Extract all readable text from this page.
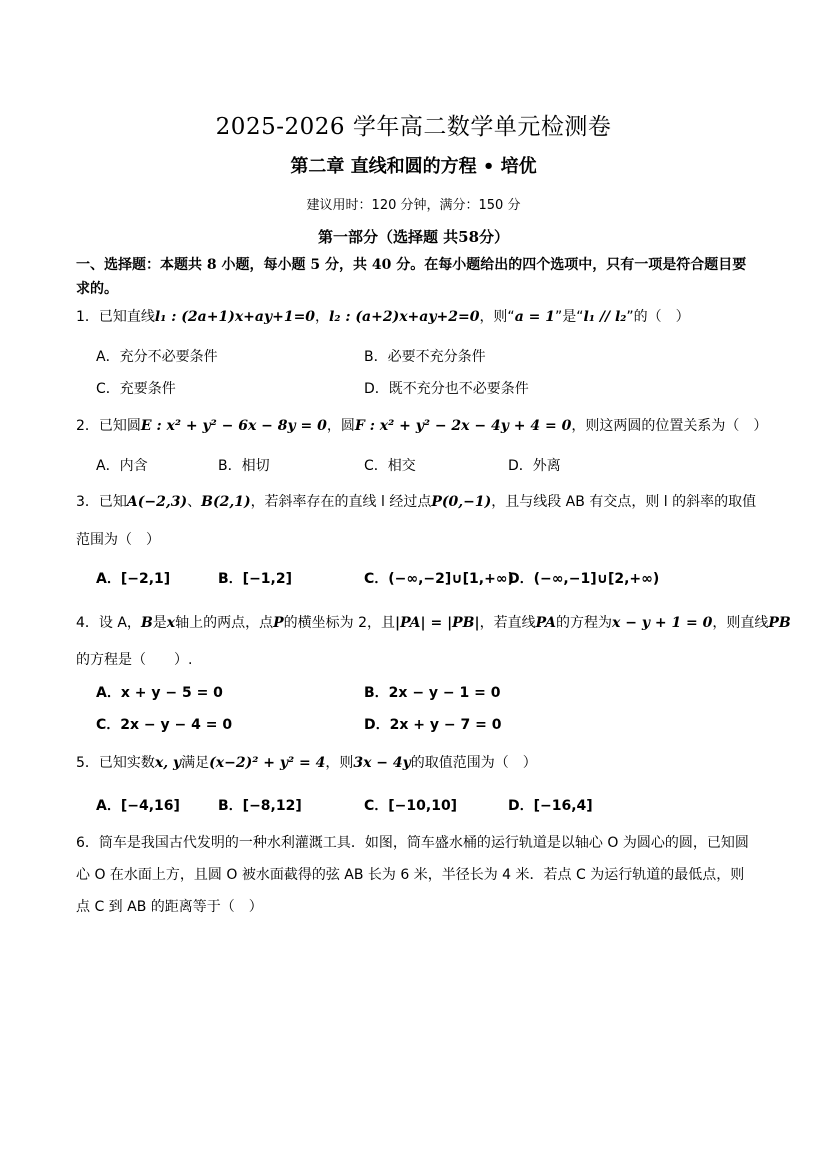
2025-2026 学年高二数学单元检测卷
第二章 直线和圆的方程 • 培优
建议用时：120 分钟，满分：150 分
第一部分（选择题 共58分）
一、选择题：本题共 8 小题，每小题 5 分，共 40 分。在每小题给出的四个选项中，只有一项是符合题目要求的。
1．已知直线l₁ : (2a+1)x+ay+1=0，l₂ : (a+2)x+ay+2=0，则“a = 1”是“l₁ // l₂”的（　）
A．充分不必要条件	B．必要不充分条件
C．充要条件	D．既不充分也不必要条件
2．已知圆E : x² + y² − 6x − 8y = 0，圆F : x² + y² − 2x − 4y + 4 = 0，则这两圆的位置关系为（　）
A．内含	B．相切	C．相交	D．外离
3．已知A(−2,3)、B(2,1)，若斜率存在的直线 l 经过点P(0,−1)，且与线段 AB 有交点，则 l 的斜率的取值
范围为（　）
A．[−2,1]	B．[−1,2]	C．(−∞,−2]∪[1,+∞)
D．(−∞,−1]∪[2,+∞)
4．设 A，B是x轴上的两点，点P的横坐标为 2，且|PA| = |PB|，若直线PA的方程为x − y + 1 = 0，则直线PB
的方程是（　　）.
A．x + y − 5 = 0	B．2x − y − 1 = 0
C．2x − y − 4 = 0	D．2x + y − 7 = 0
5．已知实数x, y满足(x−2)² + y² = 4，则3x − 4y的取值范围为（　）
A．[−4,16]	B．[−8,12]	C．[−10,10]	D．[−16,4]
6．筒车是我国古代发明的一种水利灌溉工具．如图，筒车盛水桶的运行轨道是以轴心 O 为圆心的圆，已知圆心 O 在水面上方，且圆 O 被水面截得的弦 AB 长为 6 米，半径长为 4 米．若点 C 为运行轨道的最低点，则点 C 到 AB 的距离等于（　）
